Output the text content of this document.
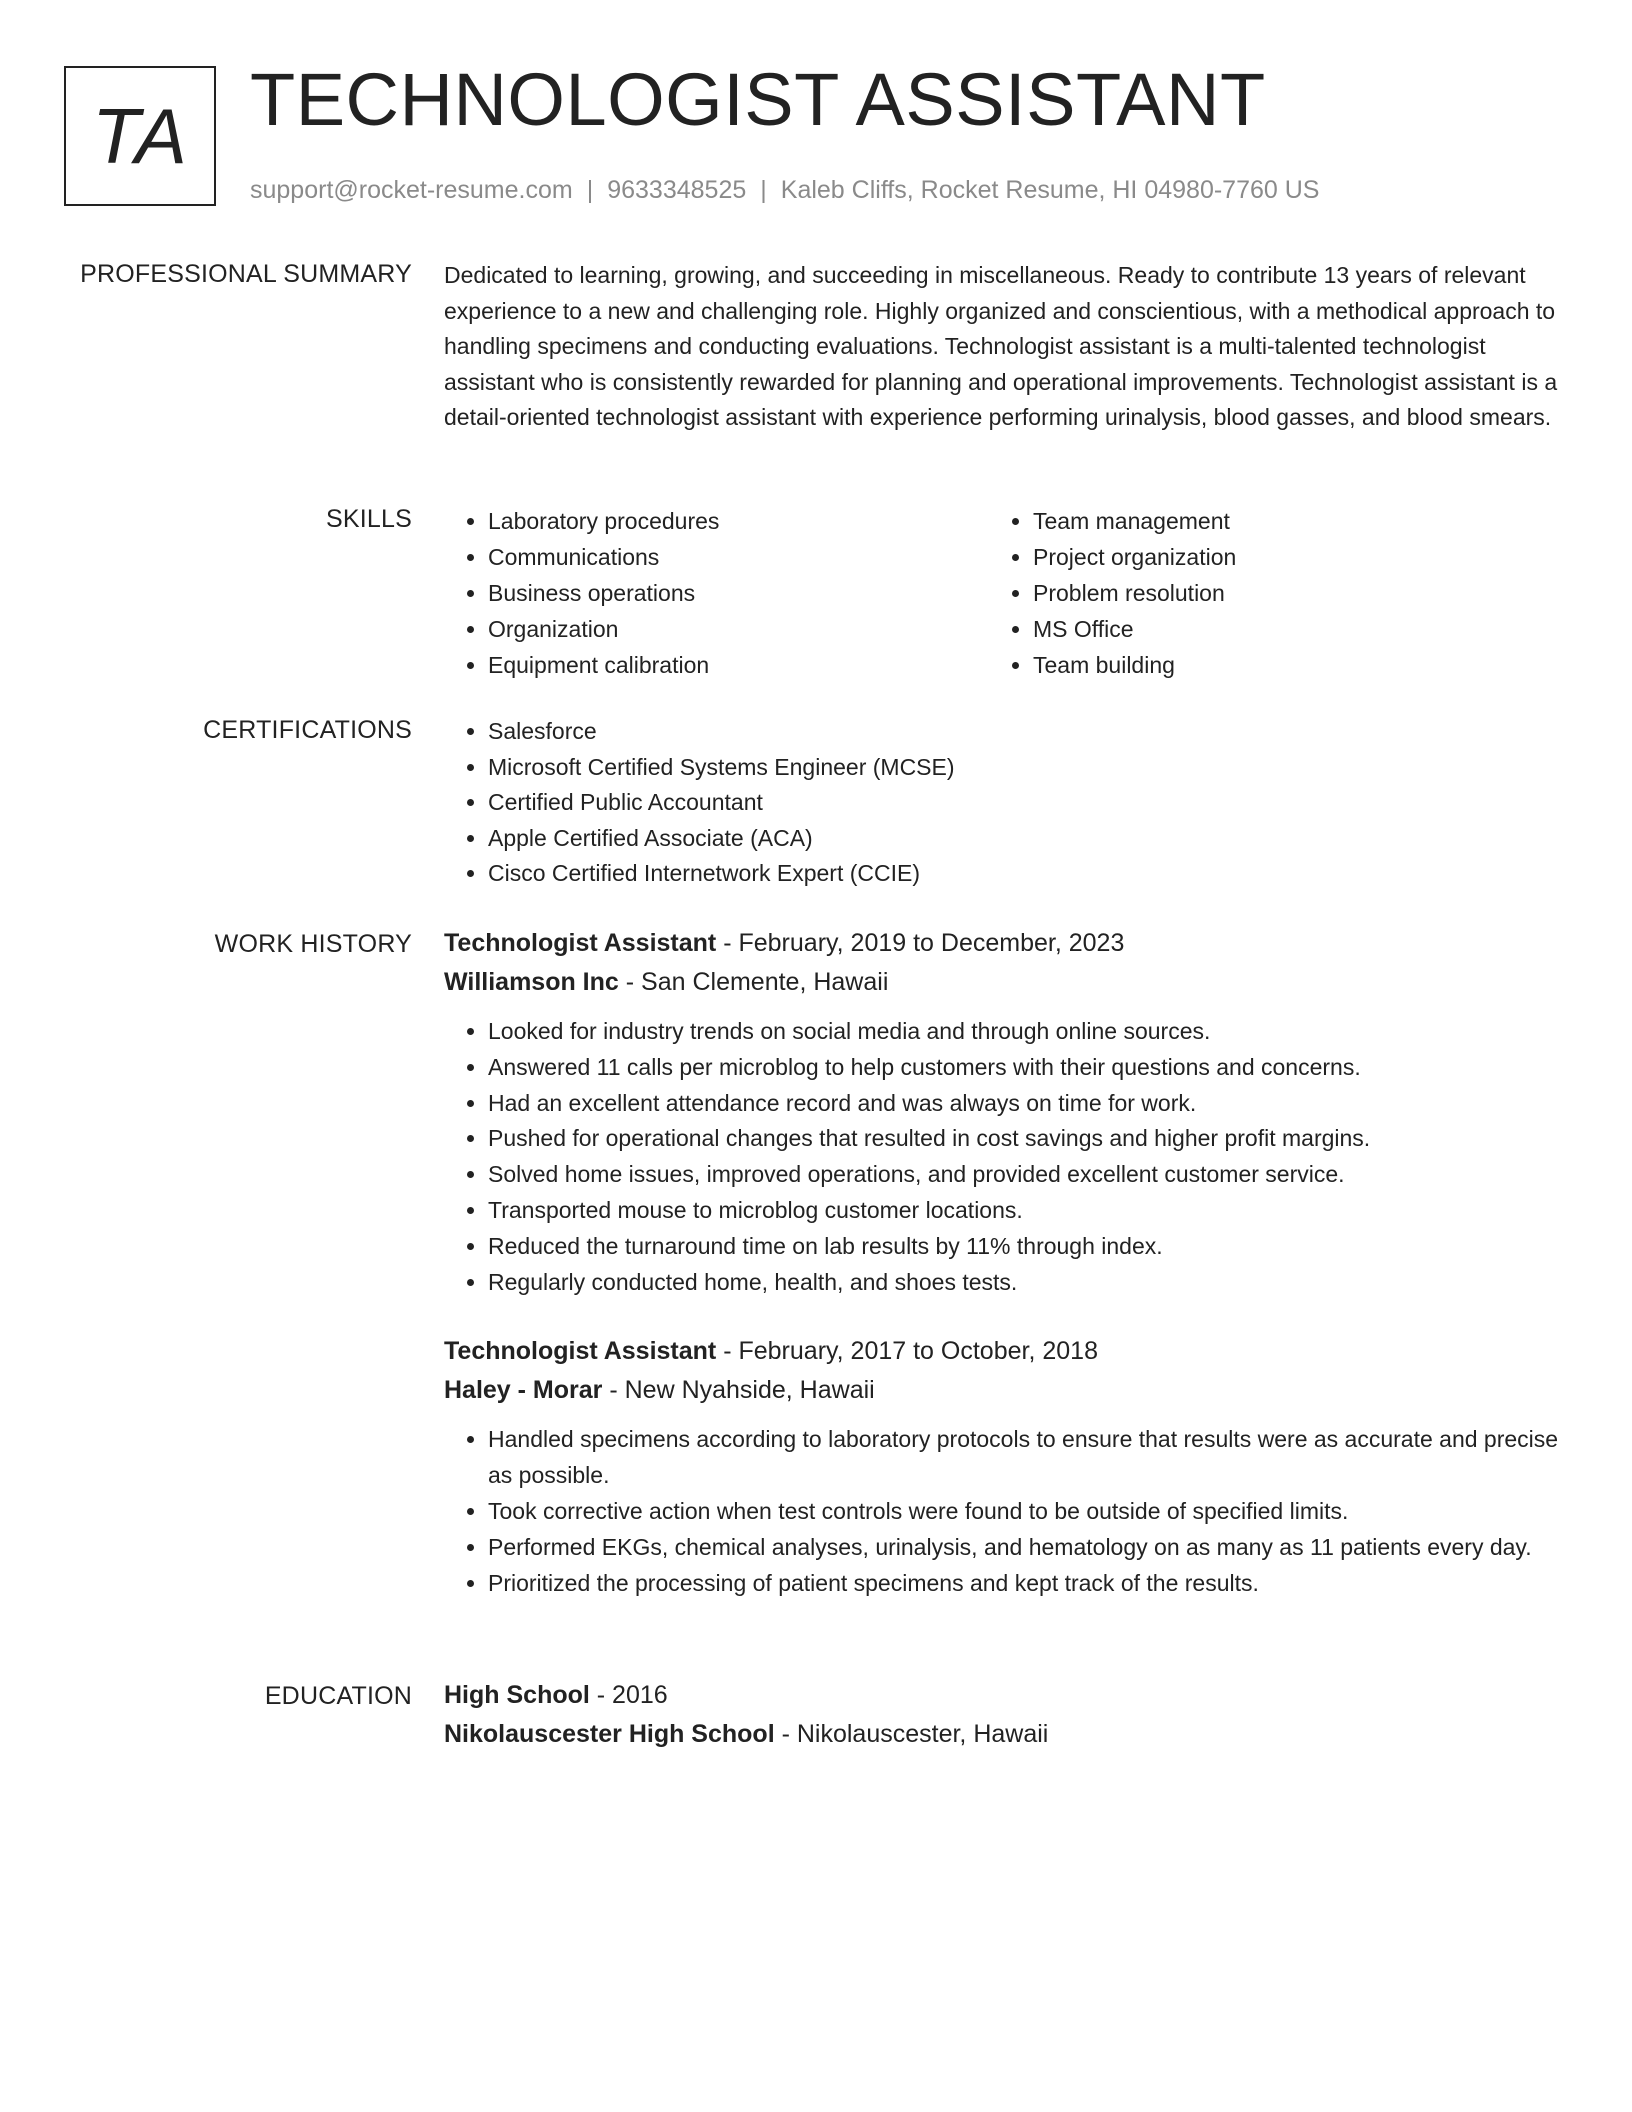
TA TECHNOLOGIST ASSISTANT
support@rocket-resume.com | 9633348525 | Kaleb Cliffs, Rocket Resume, HI 04980-7760 US
PROFESSIONAL SUMMARY Dedicated to learning, growing, and succeeding in miscellaneous. Ready to contribute 13 years of relevant experience to a new and challenging role. Highly organized and conscientious, with a methodical approach to handling specimens and conducting evaluations. Technologist assistant is a multi-talented technologist assistant who is consistently rewarded for planning and operational improvements. Technologist assistant is a detail-oriented technologist assistant with experience performing urinalysis, blood gasses, and blood smears.
SKILLS	• Laboratory procedures
• Communications
• Business operations
• Organization
• Equipment calibration
• Team management
• Project organization
• Problem resolution
• MS Office
• Team building
CERTIFICATIONS	• Salesforce
• Microsoft Certified Systems Engineer (MCSE)
• Certified Public Accountant
• Apple Certified Associate (ACA)
• Cisco Certified Internetwork Expert (CCIE)
WORK HISTORY Technologist Assistant - February, 2019 to December, 2023
Williamson Inc - San Clemente, Hawaii
• Looked for industry trends on social media and through online sources.
• Answered 11 calls per microblog to help customers with their questions and concerns.
• Had an excellent attendance record and was always on time for work.
• Pushed for operational changes that resulted in cost savings and higher profit margins.
• Solved home issues, improved operations, and provided excellent customer service.
• Transported mouse to microblog customer locations.
• Reduced the turnaround time on lab results by 11% through index.
• Regularly conducted home, health, and shoes tests.
Technologist Assistant - February, 2017 to October, 2018
Haley - Morar - New Nyahside, Hawaii
• Handled specimens according to laboratory protocols to ensure that results were as accurate and precise as possible.
• Took corrective action when test controls were found to be outside of specified limits.
• Performed EKGs, chemical analyses, urinalysis, and hematology on as many as 11 patients every day.
• Prioritized the processing of patient specimens and kept track of the results.
EDUCATION High School - 2016
Nikolauscester High School - Nikolauscester, Hawaii
